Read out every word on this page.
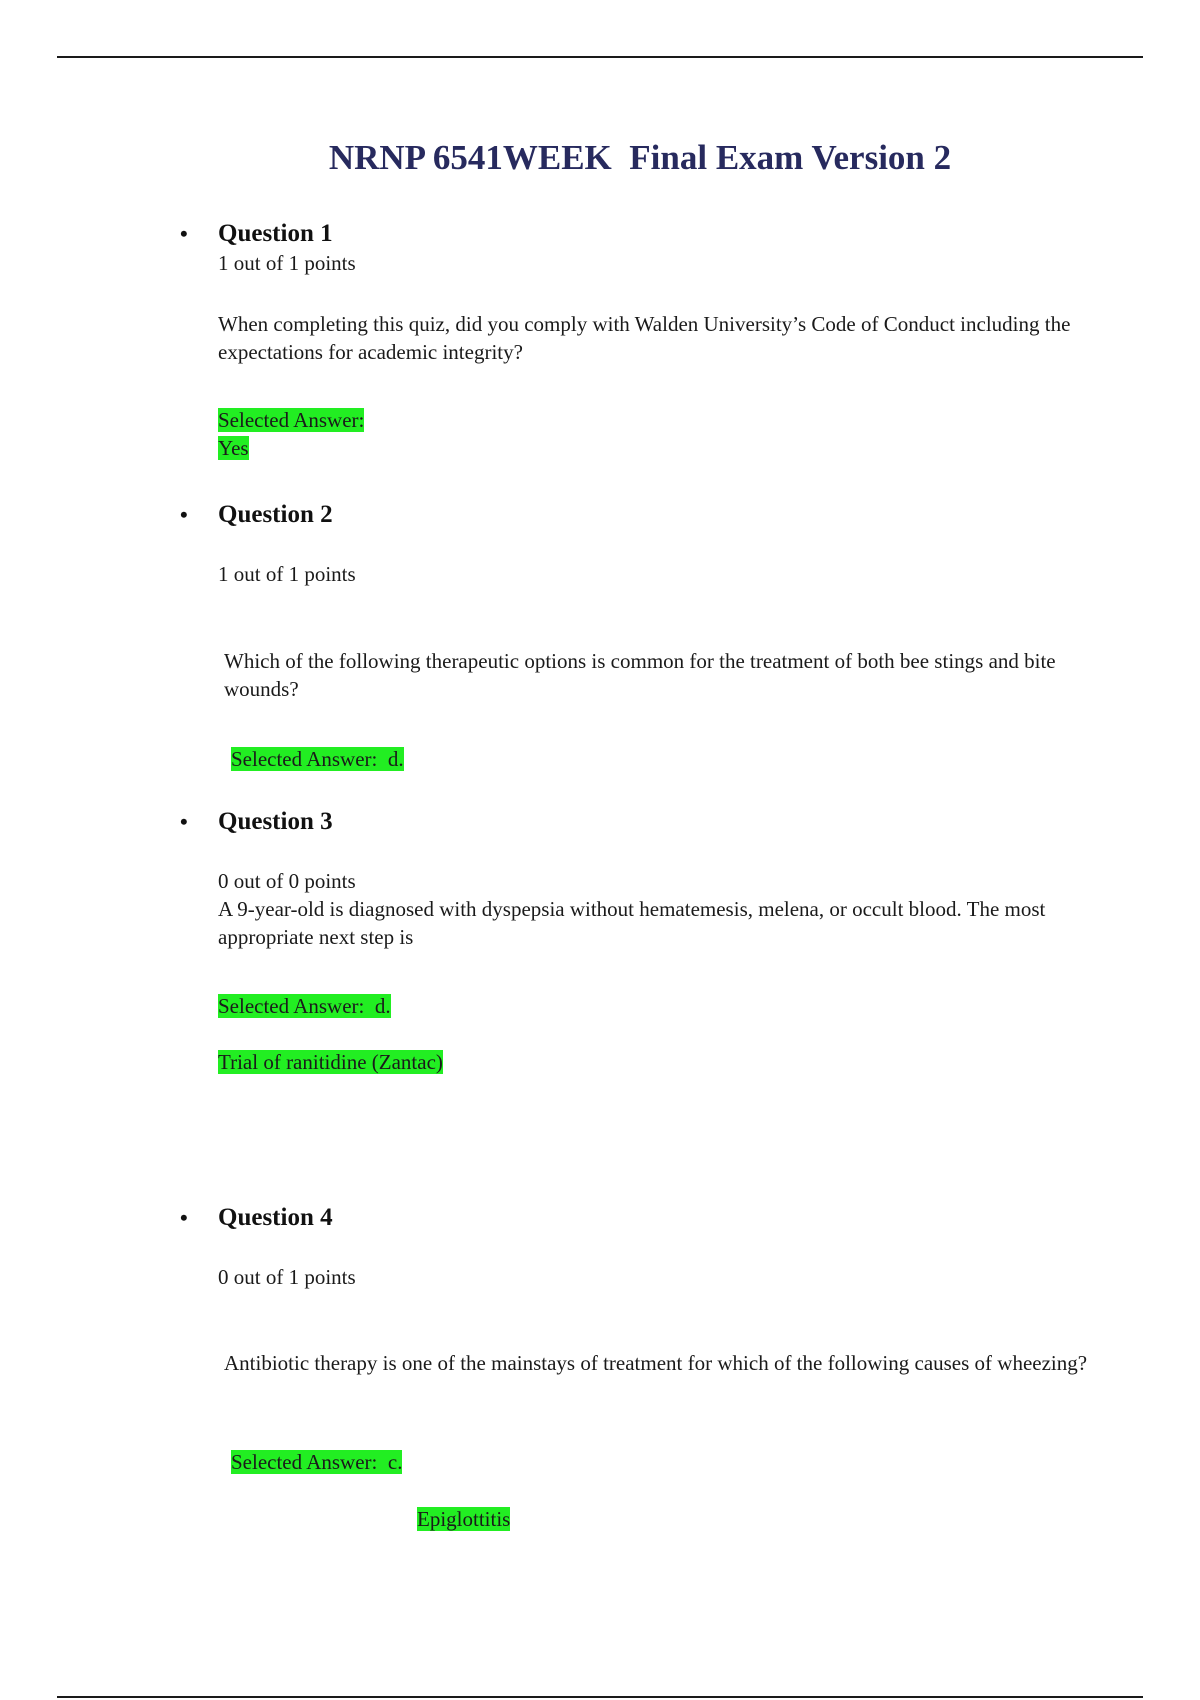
NRNP 6541WEEK  Final Exam Version 2
• Question 1
1 out of 1 points
When completing this quiz, did you comply with Walden University’s Code of Conduct including the expectations for academic integrity?
Selected Answer:
Yes
• Question 2
1 out of 1 points
Which of the following therapeutic options is common for the treatment of both bee stings and bite wounds?
Selected Answer:  d.
• Question 3
0 out of 0 points
A 9-year-old is diagnosed with dyspepsia without hematemesis, melena, or occult blood. The most appropriate next step is
Selected Answer:  d.
Trial of ranitidine (Zantac)
• Question 4
0 out of 1 points
Antibiotic therapy is one of the mainstays of treatment for which of the following causes of wheezing?
Selected Answer:  c.
Epiglottitis
